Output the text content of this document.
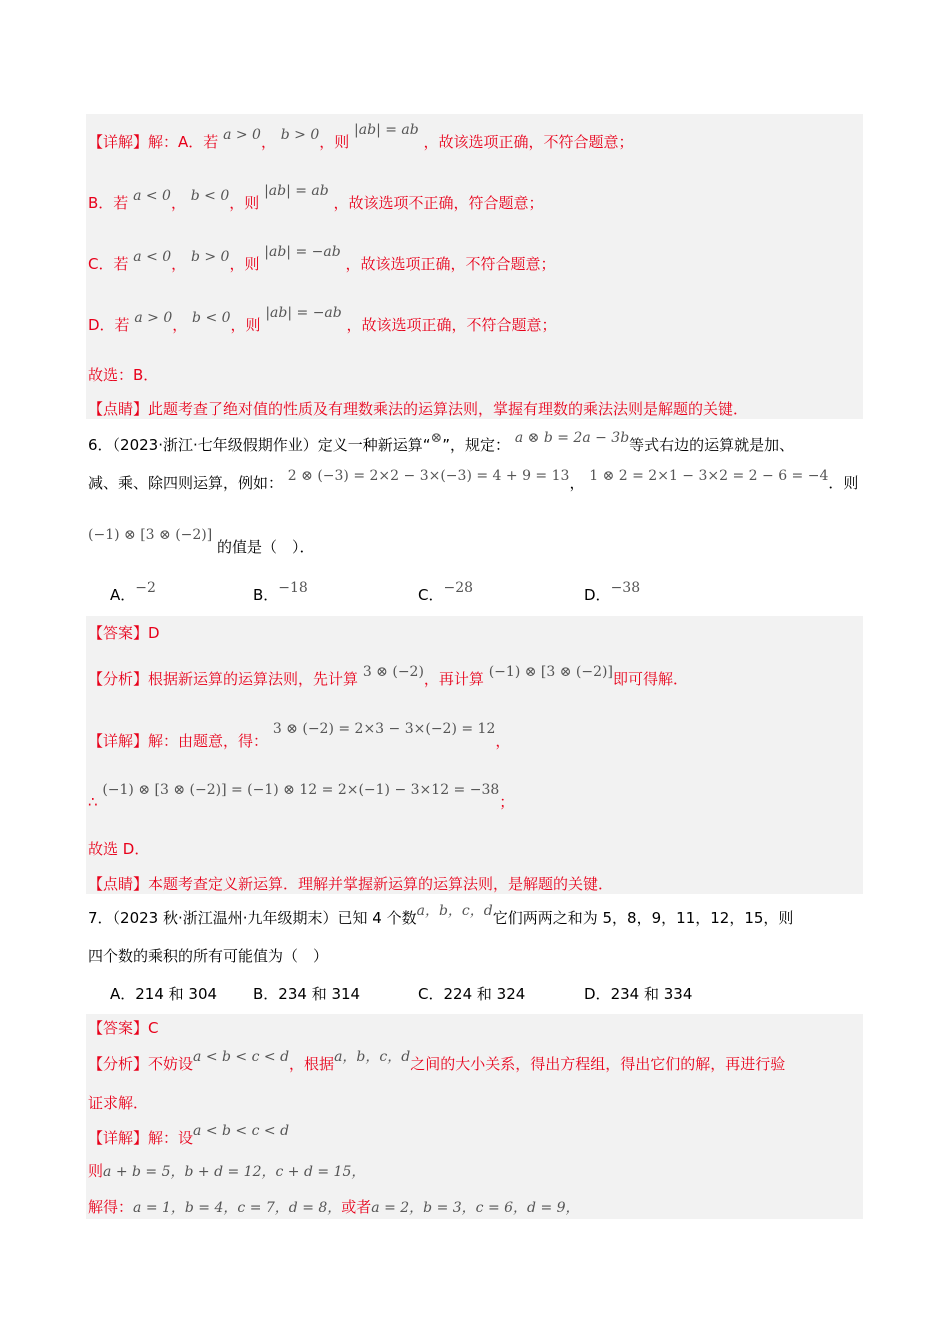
【详解】解：A．若 a > 0， b > 0，则 |ab| = ab ，故该选项正确，不符合题意；
B．若 a < 0， b < 0，则 |ab| = ab ，故该选项不正确，符合题意；
C．若 a < 0， b > 0，则 |ab| = −ab ，故该选项正确，不符合题意；
D．若 a > 0， b < 0，则 |ab| = −ab ，故该选项正确，不符合题意；
故选：B．
【点睛】此题考查了绝对值的性质及有理数乘法的运算法则，掌握有理数的乘法法则是解题的关键．
6．（2023·浙江·七年级假期作业）定义一种新运算“⊗”，规定： a ⊗ b = 2a − 3b等式右边的运算就是加、
减、乘、除四则运算，例如： 2 ⊗ (−3) = 2×2 − 3×(−3) = 4 + 9 = 13， 1 ⊗ 2 = 2×1 − 3×2 = 2 − 6 = −4．则
(−1) ⊗ [3 ⊗ (−2)] 的值是（　）．
A．−2	B．−18	C．−28	D．−38
【答案】D
【分析】根据新运算的运算法则，先计算 3 ⊗ (−2)，再计算 (−1) ⊗ [3 ⊗ (−2)]即可得解．
【详解】解：由题意，得： 3 ⊗ (−2) = 2×3 − 3×(−2) = 12，
∴ (−1) ⊗ [3 ⊗ (−2)] = (−1) ⊗ 12 = 2×(−1) − 3×12 = −38；
故选 D．
【点睛】本题考查定义新运算．理解并掌握新运算的运算法则，是解题的关键．
7．（2023 秋·浙江温州·九年级期末）已知 4 个数a，b，c，d它们两两之和为 5，8，9，11，12，15，则
四个数的乘积的所有可能值为（　）
A．214 和 304 B．234 和 314	C．224 和 324	D．234 和 334
【答案】C
【分析】不妨设a < b < c < d，根据a，b，c，d之间的大小关系，得出方程组，得出它们的解，再进行验
证求解．
【详解】解：设a < b < c < d
则a + b = 5，b + d = 12，c + d = 15，
解得：a = 1，b = 4，c = 7，d = 8，或者a = 2，b = 3，c = 6，d = 9，
